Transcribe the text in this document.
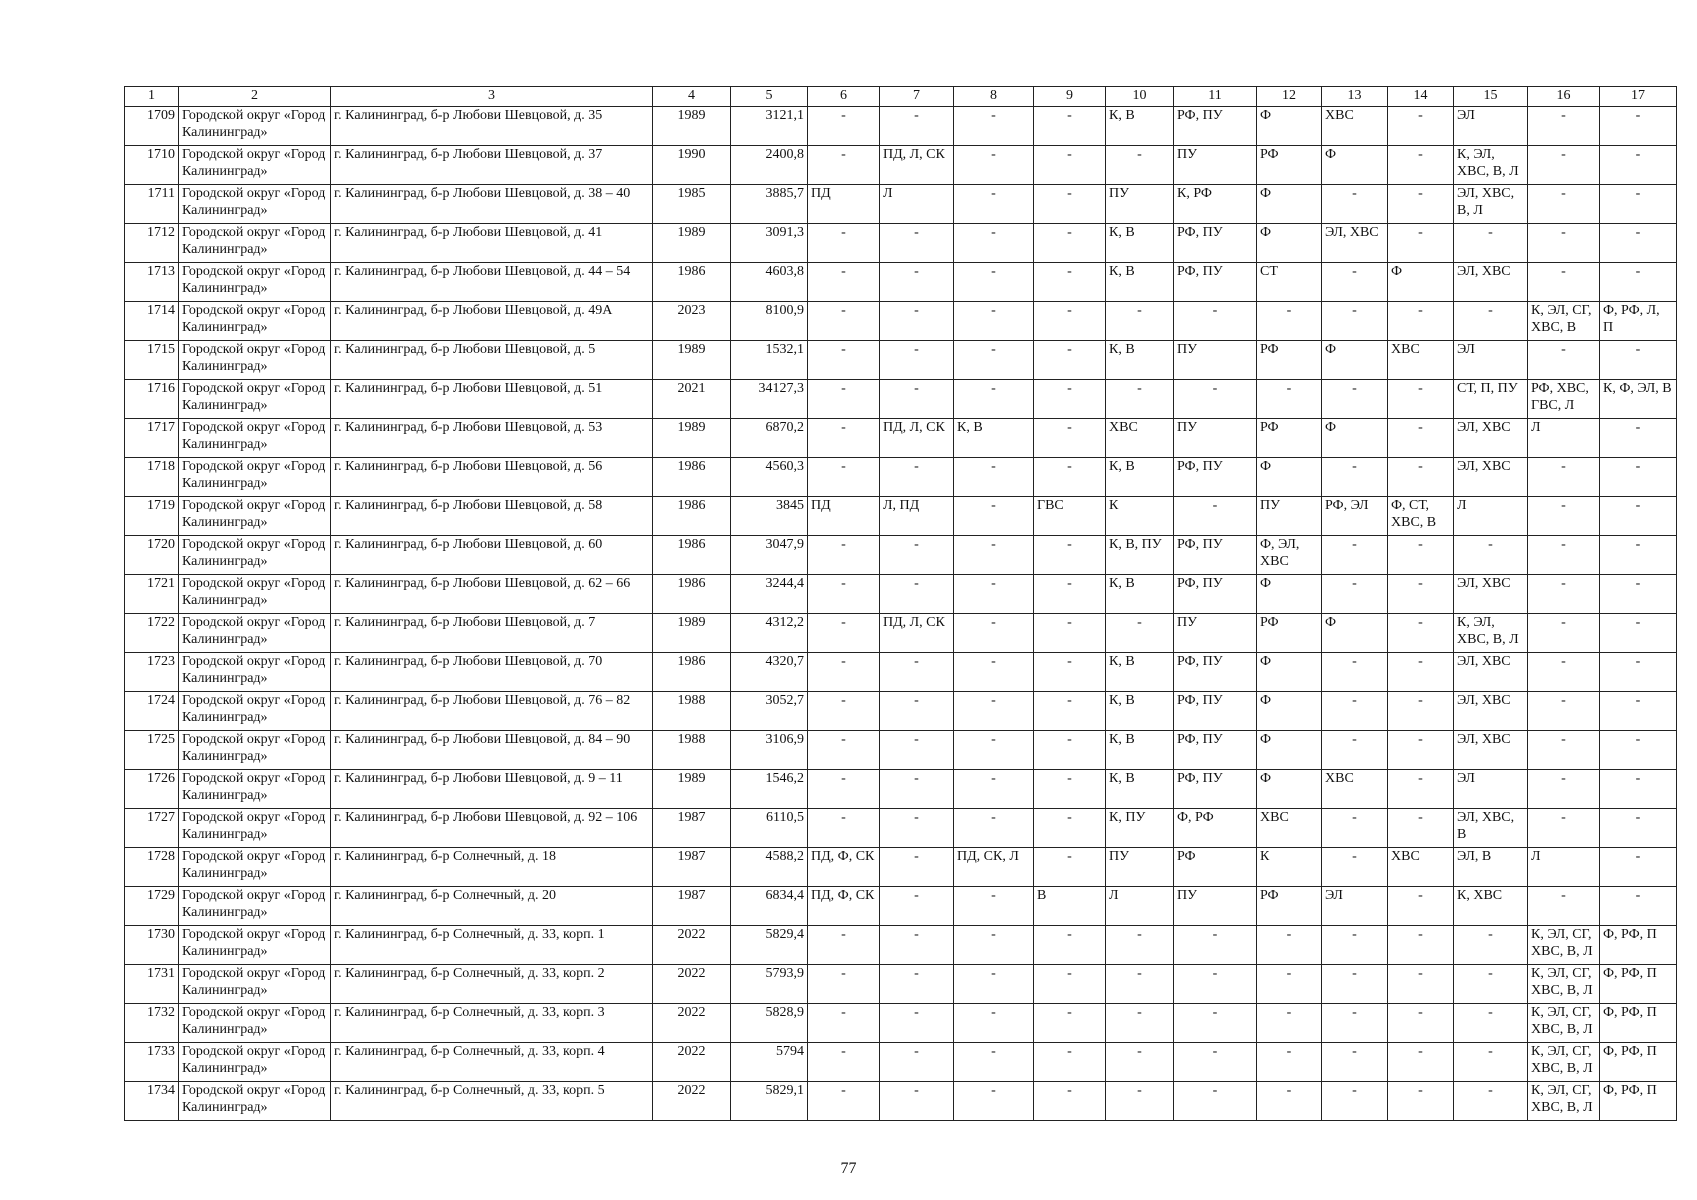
1	2	3	4	5	6	7	8	9	10	11	12	13	14	15	16	17
1709	Городской округ «Город Калининград»	г. Калининград, б-р Любови Шевцовой, д. 35	1989	3121,1	-	-	-	-	К, В	РФ, ПУ	Ф	ХВС	-	ЭЛ	-	-
1710	Городской округ «Город Калининград»	г. Калининград, б-р Любови Шевцовой, д. 37	1990	2400,8	-	ПД, Л, СК	-	-	-	ПУ	РФ	Ф	-	К, ЭЛ, ХВС, В, Л	-	-
1711	Городской округ «Город Калининград»	г. Калининград, б-р Любови Шевцовой, д. 38 – 40	1985	3885,7	ПД	Л	-	-	ПУ	К, РФ	Ф	-	-	ЭЛ, ХВС, В, Л	-	-
1712	Городской округ «Город Калининград»	г. Калининград, б-р Любови Шевцовой, д. 41	1989	3091,3	-	-	-	-	К, В	РФ, ПУ	Ф	ЭЛ, ХВС	-	-	-	-
1713	Городской округ «Город Калининград»	г. Калининград, б-р Любови Шевцовой, д. 44 – 54	1986	4603,8	-	-	-	-	К, В	РФ, ПУ	СТ	-	Ф	ЭЛ, ХВС	-	-
1714	Городской округ «Город Калининград»	г. Калининград, б-р Любови Шевцовой, д. 49А	2023	8100,9	-	-	-	-	-	-	-	-	-	-	К, ЭЛ, СГ, ХВС, В	Ф, РФ, Л, П
1715	Городской округ «Город Калининград»	г. Калининград, б-р Любови Шевцовой, д. 5	1989	1532,1	-	-	-	-	К, В	ПУ	РФ	Ф	ХВС	ЭЛ	-	-
1716	Городской округ «Город Калининград»	г. Калининград, б-р Любови Шевцовой, д. 51	2021	34127,3	-	-	-	-	-	-	-	-	-	СТ, П, ПУ	РФ, ХВС, ГВС, Л	К, Ф, ЭЛ, В
1717	Городской округ «Город Калининград»	г. Калининград, б-р Любови Шевцовой, д. 53	1989	6870,2	-	ПД, Л, СК	К, В	-	ХВС	ПУ	РФ	Ф	-	ЭЛ, ХВС	Л	-
1718	Городской округ «Город Калининград»	г. Калининград, б-р Любови Шевцовой, д. 56	1986	4560,3	-	-	-	-	К, В	РФ, ПУ	Ф	-	-	ЭЛ, ХВС	-	-
1719	Городской округ «Город Калининград»	г. Калининград, б-р Любови Шевцовой, д. 58	1986	3845	ПД	Л, ПД	-	ГВС	К	-	ПУ	РФ, ЭЛ	Ф, СТ, ХВС, В	Л	-	-
1720	Городской округ «Город Калининград»	г. Калининград, б-р Любови Шевцовой, д. 60	1986	3047,9	-	-	-	-	К, В, ПУ	РФ, ПУ	Ф, ЭЛ, ХВС	-	-	-	-	-
1721	Городской округ «Город Калининград»	г. Калининград, б-р Любови Шевцовой, д. 62 – 66	1986	3244,4	-	-	-	-	К, В	РФ, ПУ	Ф	-	-	ЭЛ, ХВС	-	-
1722	Городской округ «Город Калининград»	г. Калининград, б-р Любови Шевцовой, д. 7	1989	4312,2	-	ПД, Л, СК	-	-	-	ПУ	РФ	Ф	-	К, ЭЛ, ХВС, В, Л	-	-
1723	Городской округ «Город Калининград»	г. Калининград, б-р Любови Шевцовой, д. 70	1986	4320,7	-	-	-	-	К, В	РФ, ПУ	Ф	-	-	ЭЛ, ХВС	-	-
1724	Городской округ «Город Калининград»	г. Калининград, б-р Любови Шевцовой, д. 76 – 82	1988	3052,7	-	-	-	-	К, В	РФ, ПУ	Ф	-	-	ЭЛ, ХВС	-	-
1725	Городской округ «Город Калининград»	г. Калининград, б-р Любови Шевцовой, д. 84 – 90	1988	3106,9	-	-	-	-	К, В	РФ, ПУ	Ф	-	-	ЭЛ, ХВС	-	-
1726	Городской округ «Город Калининград»	г. Калининград, б-р Любови Шевцовой, д. 9 – 11	1989	1546,2	-	-	-	-	К, В	РФ, ПУ	Ф	ХВС	-	ЭЛ	-	-
1727	Городской округ «Город Калининград»	г. Калининград, б-р Любови Шевцовой, д. 92 – 106	1987	6110,5	-	-	-	-	К, ПУ	Ф, РФ	ХВС	-	-	ЭЛ, ХВС, В	-	-
1728	Городской округ «Город Калининград»	г. Калининград, б-р Солнечный, д. 18	1987	4588,2	ПД, Ф, СК	-	ПД, СК, Л	-	ПУ	РФ	К	-	ХВС	ЭЛ, В	Л	-
1729	Городской округ «Город Калининград»	г. Калининград, б-р Солнечный, д. 20	1987	6834,4	ПД, Ф, СК	-	-	В	Л	ПУ	РФ	ЭЛ	-	К, ХВС	-	-
1730	Городской округ «Город Калининград»	г. Калининград, б-р Солнечный, д. 33, корп. 1	2022	5829,4	-	-	-	-	-	-	-	-	-	-	К, ЭЛ, СГ, ХВС, В, Л	Ф, РФ, П
1731	Городской округ «Город Калининград»	г. Калининград, б-р Солнечный, д. 33, корп. 2	2022	5793,9	-	-	-	-	-	-	-	-	-	-	К, ЭЛ, СГ, ХВС, В, Л	Ф, РФ, П
1732	Городской округ «Город Калининград»	г. Калининград, б-р Солнечный, д. 33, корп. 3	2022	5828,9	-	-	-	-	-	-	-	-	-	-	К, ЭЛ, СГ, ХВС, В, Л	Ф, РФ, П
1733	Городской округ «Город Калининград»	г. Калининград, б-р Солнечный, д. 33, корп. 4	2022	5794	-	-	-	-	-	-	-	-	-	-	К, ЭЛ, СГ, ХВС, В, Л	Ф, РФ, П
1734	Городской округ «Город Калининград»	г. Калининград, б-р Солнечный, д. 33, корп. 5	2022	5829,1	-	-	-	-	-	-	-	-	-	-	К, ЭЛ, СГ, ХВС, В, Л	Ф, РФ, П
77
